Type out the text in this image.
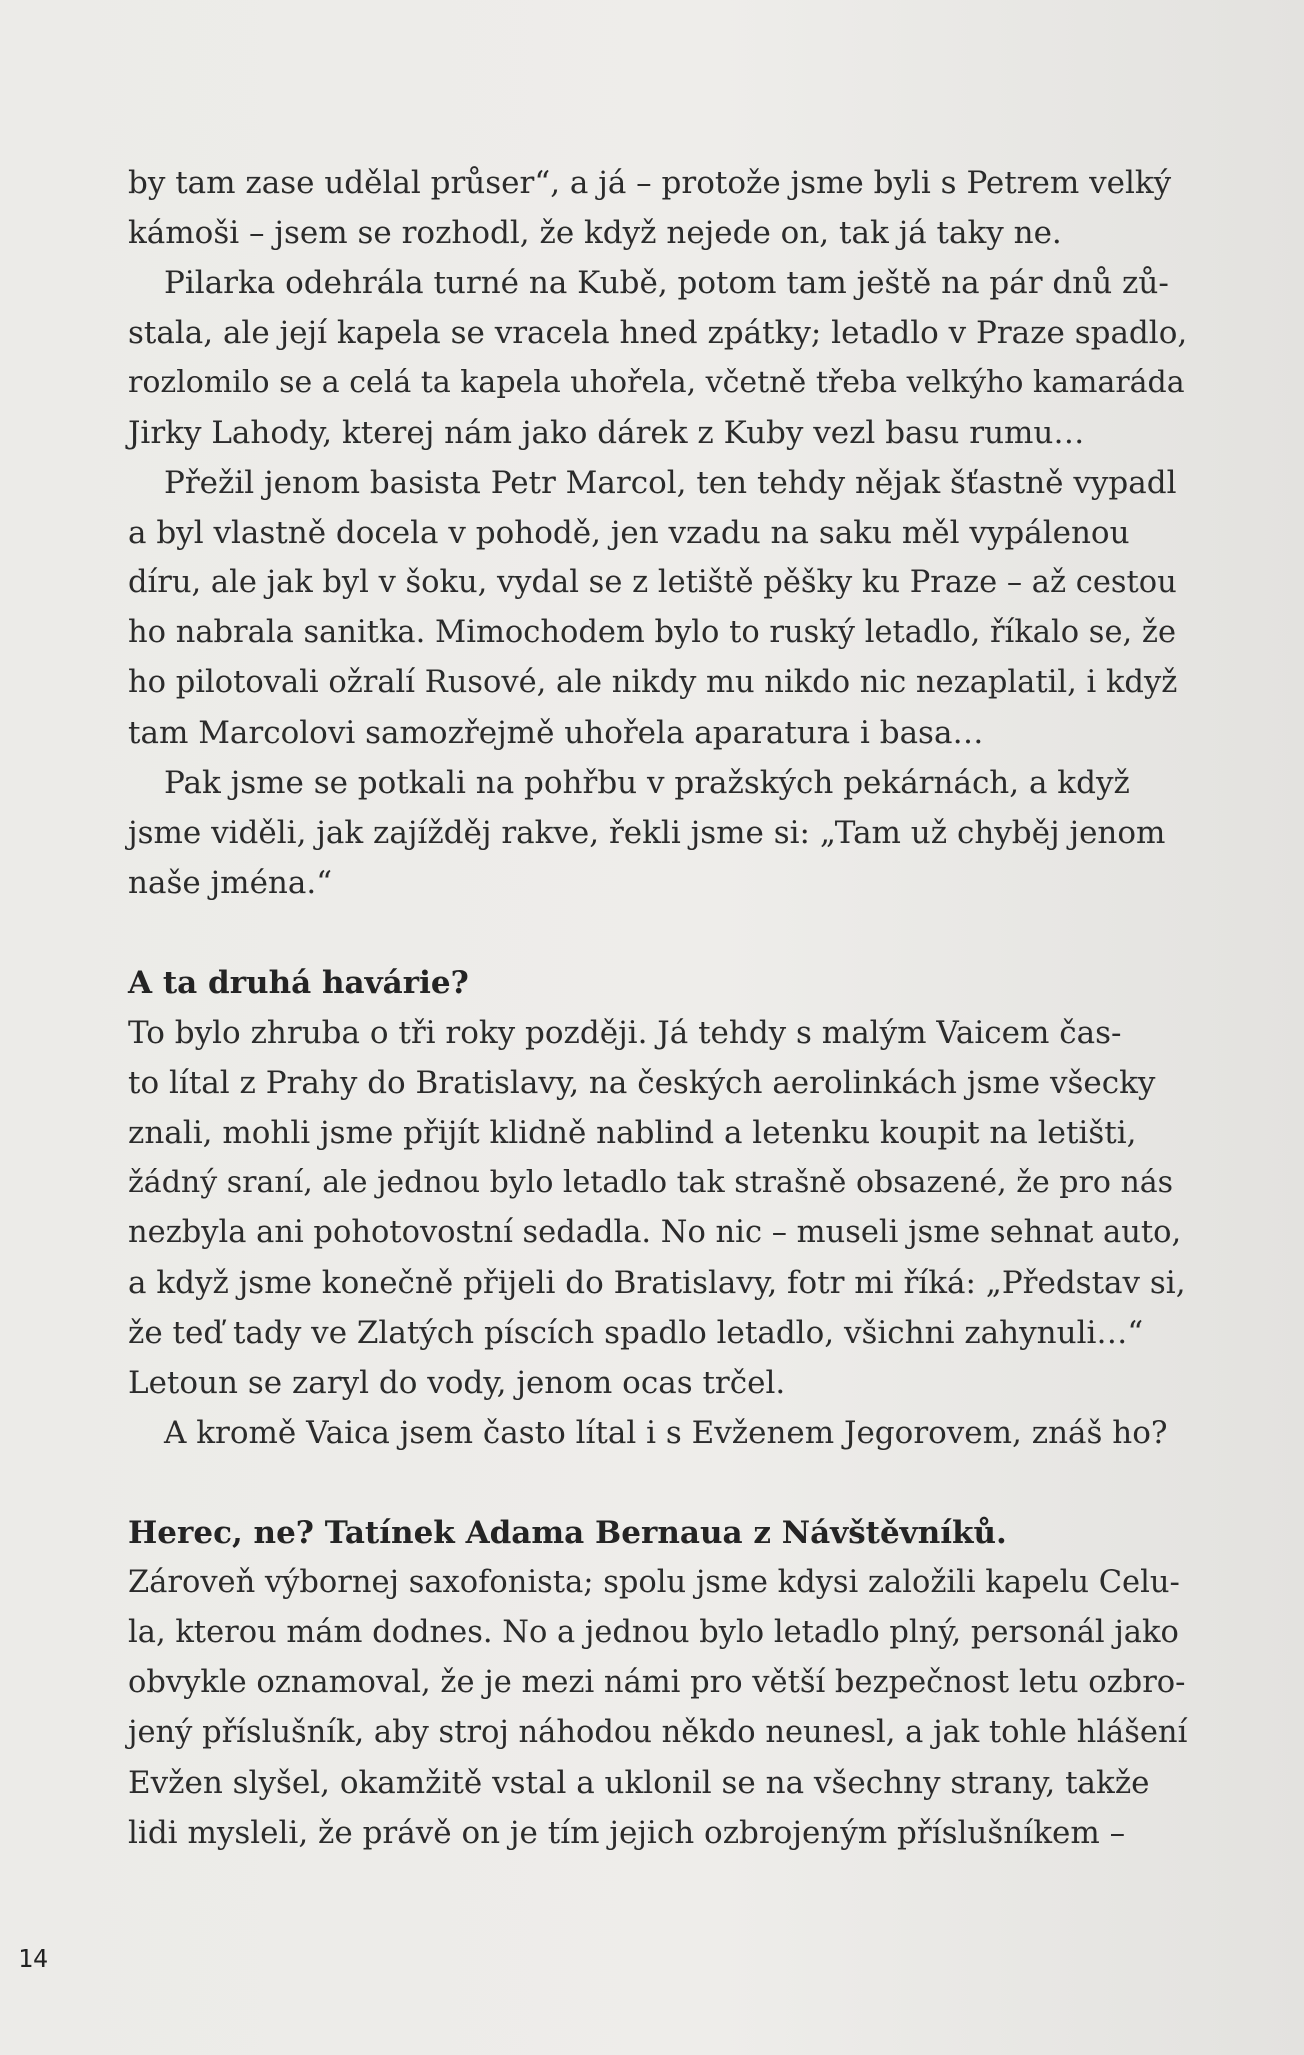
by tam zase udělal průser“, a já – protože jsme byli s Petrem velký
kámoši – jsem se rozhodl, že když nejede on, tak já taky ne.
Pilarka odehrála turné na Kubě, potom tam ještě na pár dnů zů-
stala, ale její kapela se vracela hned zpátky; letadlo v Praze spadlo,
rozlomilo se a celá ta kapela uhořela, včetně třeba velkýho kamaráda
Jirky Lahody, kterej nám jako dárek z Kuby vezl basu rumu…
Přežil jenom basista Petr Marcol, ten tehdy nějak šťastně vypadl
a byl vlastně docela v pohodě, jen vzadu na saku měl vypálenou
díru, ale jak byl v šoku, vydal se z letiště pěšky ku Praze – až cestou
ho nabrala sanitka. Mimochodem bylo to ruský letadlo, říkalo se, že
ho pilotovali ožralí Rusové, ale nikdy mu nikdo nic nezaplatil, i když
tam Marcolovi samozřejmě uhořela aparatura i basa…
Pak jsme se potkali na pohřbu v pražských pekárnách, a když
jsme viděli, jak zajížděj rakve, řekli jsme si: „Tam už chyběj jenom
naše jména.“
A ta druhá havárie?
To bylo zhruba o tři roky později. Já tehdy s malým Vaicem čas-
to lítal z Prahy do Bratislavy, na českých aerolinkách jsme všecky
znali, mohli jsme přijít klidně nablind a letenku koupit na letišti,
žádný sraní, ale jednou bylo letadlo tak strašně obsazené, že pro nás
nezbyla ani pohotovostní sedadla. No nic – museli jsme sehnat auto,
a když jsme konečně přijeli do Bratislavy, fotr mi říká: „Představ si,
že teď tady ve Zlatých píscích spadlo letadlo, všichni zahynuli…“
Letoun se zaryl do vody, jenom ocas trčel.
A kromě Vaica jsem často lítal i s Evženem Jegorovem, znáš ho?
Herec, ne? Tatínek Adama Bernaua z Návštěvníků.
Zároveň výbornej saxofonista; spolu jsme kdysi založili kapelu Celu-
la, kterou mám dodnes. No a jednou bylo letadlo plný, personál jako
obvykle oznamoval, že je mezi námi pro větší bezpečnost letu ozbro-
jený příslušník, aby stroj náhodou někdo neunesl, a jak tohle hlášení
Evžen slyšel, okamžitě vstal a uklonil se na všechny strany, takže
lidi mysleli, že právě on je tím jejich ozbrojeným příslušníkem –
14
